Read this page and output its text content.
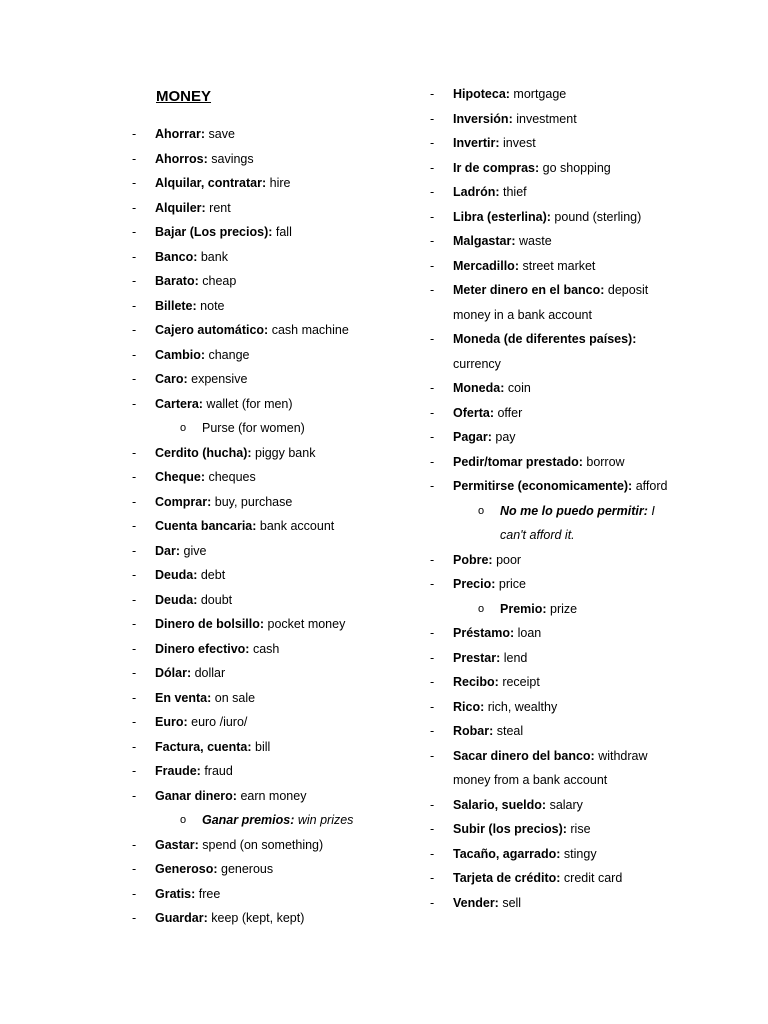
MONEY
-	Ahorrar: save
-	Ahorros: savings
-	Alquilar, contratar: hire
-	Alquiler: rent
-	Bajar (Los precios): fall
-	Banco: bank
-	Barato: cheap
-	Billete: note
-	Cajero automático: cash machine
-	Cambio: change
-	Caro: expensive
-	Cartera: wallet (for men)
o	Purse (for women)
-	Cerdito (hucha): piggy bank
-	Cheque: cheques
-	Comprar: buy, purchase
-	Cuenta bancaria: bank account
-	Dar: give
-	Deuda: debt
-	Deuda: doubt
-	Dinero de bolsillo: pocket money
-	Dinero efectivo: cash
-	Dólar: dollar
-	En venta: on sale
-	Euro: euro /iuro/
-	Factura, cuenta: bill
-	Fraude: fraud
-	Ganar dinero: earn money
o	Ganar premios: win prizes
-	Gastar: spend (on something)
-	Generoso: generous
-	Gratis: free
-	Guardar: keep (kept, kept)
-	Hipoteca: mortgage
-	Inversión: investment
-	Invertir: invest
-	Ir de compras: go shopping
-	Ladrón: thief
-	Libra (esterlina): pound (sterling)
-	Malgastar: waste
-	Mercadillo: street market
-	Meter dinero en el banco: deposit money in a bank account
-	Moneda (de diferentes países): currency
-	Moneda: coin
-	Oferta: offer
-	Pagar: pay
-	Pedir/tomar prestado: borrow
-	Permitirse (economicamente): afford
o	No me lo puedo permitir: I can't afford it.
-	Pobre: poor
-	Precio: price
o	Premio: prize
-	Préstamo: loan
-	Prestar: lend
-	Recibo: receipt
-	Rico: rich, wealthy
-	Robar: steal
-	Sacar dinero del banco: withdraw money from a bank account
-	Salario, sueldo: salary
-	Subir (los precios): rise
-	Tacaño, agarrado: stingy
-	Tarjeta de crédito: credit card
-	Vender: sell
